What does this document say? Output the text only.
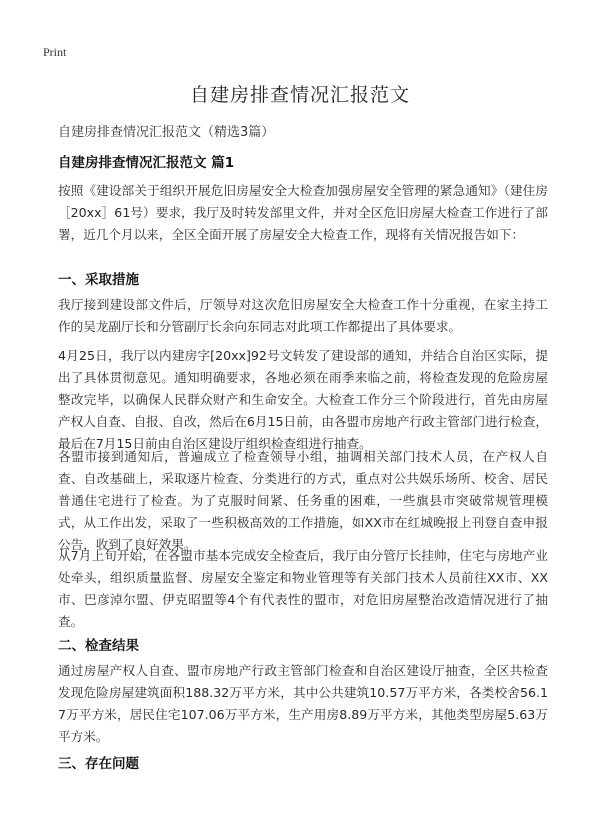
Print
自建房排查情况汇报范文
自建房排查情况汇报范文（精选3篇）
自建房排查情况汇报范文 篇1
按照《建设部关于组织开展危旧房屋安全大检查加强房屋安全管理的紧急通知》（建住房［20xx］61号）要求，我厅及时转发部里文件，并对全区危旧房屋大检查工作进行了部署，近几个月以来，全区全面开展了房屋安全大检查工作，现将有关情况报告如下：
一、采取措施
我厅接到建设部文件后，厅领导对这次危旧房屋安全大检查工作十分重视，在家主持工作的吴龙副厅长和分管副厅长余向东同志对此项工作都提出了具体要求。
4月25日，我厅以内建房字[20xx]92号文转发了建设部的通知，并结合自治区实际，提出了具体贯彻意见。通知明确要求，各地必须在雨季来临之前，将检查发现的危险房屋整改完毕，以确保人民群众财产和生命安全。大检查工作分三个阶段进行，首先由房屋产权人自查、自报、自改，然后在6月15日前，由各盟市房地产行政主管部门进行检查，最后在7月15日前由自治区建设厅组织检查组进行抽查。
各盟市接到通知后，普遍成立了检查领导小组，抽调相关部门技术人员，在产权人自查、自改基础上，采取逐片检查、分类进行的方式，重点对公共娱乐场所、校舍、居民普通住宅进行了检查。为了克服时间紧、任务重的困难，一些旗县市突破常规管理模式，从工作出发，采取了一些积极高效的工作措施，如XX市在红城晚报上刊登自查申报公告，收到了良好效果。
从7月上旬开始，在各盟市基本完成安全检查后，我厅由分管厅长挂帅，住宅与房地产业处牵头，组织质量监督、房屋安全鉴定和物业管理等有关部门技术人员前往XX市、XX市、巴彦淖尔盟、伊克昭盟等4个有代表性的盟市，对危旧房屋整治改造情况进行了抽查。
二、检查结果
通过房屋产权人自查、盟市房地产行政主管部门检查和自治区建设厅抽查，全区共检查发现危险房屋建筑面积188.32万平方米，其中公共建筑10.57万平方米，各类校舍56.17万平方米，居民住宅107.06万平方米，生产用房8.89万平方米，其他类型房屋5.63万平方米。
三、存在问题
